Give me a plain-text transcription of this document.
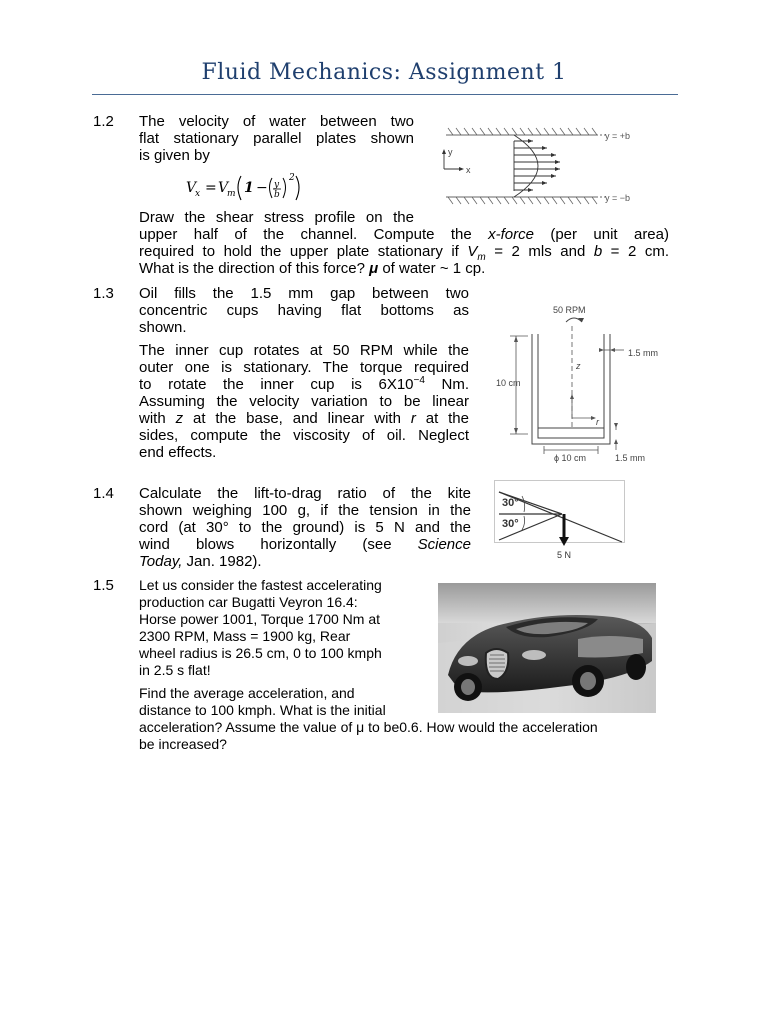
Fluid Mechanics: Assignment 1
1.2 The velocity of water between two
flat stationary parallel plates shown
is given by
V
x = V
m 1 − y
b
2
Draw the shear stress profile on the
upper half of the channel. Compute the x-force (per unit area)
required to hold the upper plate stationary if $V_m = 2$ mls and b = 2 cm.
What is the direction of this force? μ of water ~ 1 cp.
y
x
y = +b
y = −b
1.3 Oil fills the 1.5 mm gap between two
concentric cups having flat bottoms as
shown.
The inner cup rotates at 50 RPM while the
outer one is stationary. The torque required
to rotate the inner cup is $6X10^{-4}$ Nm.
Assuming the velocity variation to be linear
with z at the base, and linear with r at the
sides, compute the viscosity of oil. Neglect
end effects.
50 RPM
1.5 mm
10 cm
z
r
ϕ 10 cm	1.5 mm
1.4 Calculate the lift-to-drag ratio of the kite
shown weighing 100 g, if the tension in the
cord (at 30° to the ground) is 5 N and the
wind blows horizontally (see Science
Today, Jan. 1982).
30°
30°
5 N
1.5 Let us consider the fastest accelerating
production car Bugatti Veyron 16.4:
Horse power 1001, Torque 1700 Nm at
2300 RPM, Mass = 1900 kg, Rear
wheel radius is 26.5 cm, 0 to 100 kmph
in 2.5 s flat!
Find the average acceleration, and
distance to 100 kmph. What is the initial
acceleration? Assume the value of μ to be0.6. How would the acceleration
be increased?
